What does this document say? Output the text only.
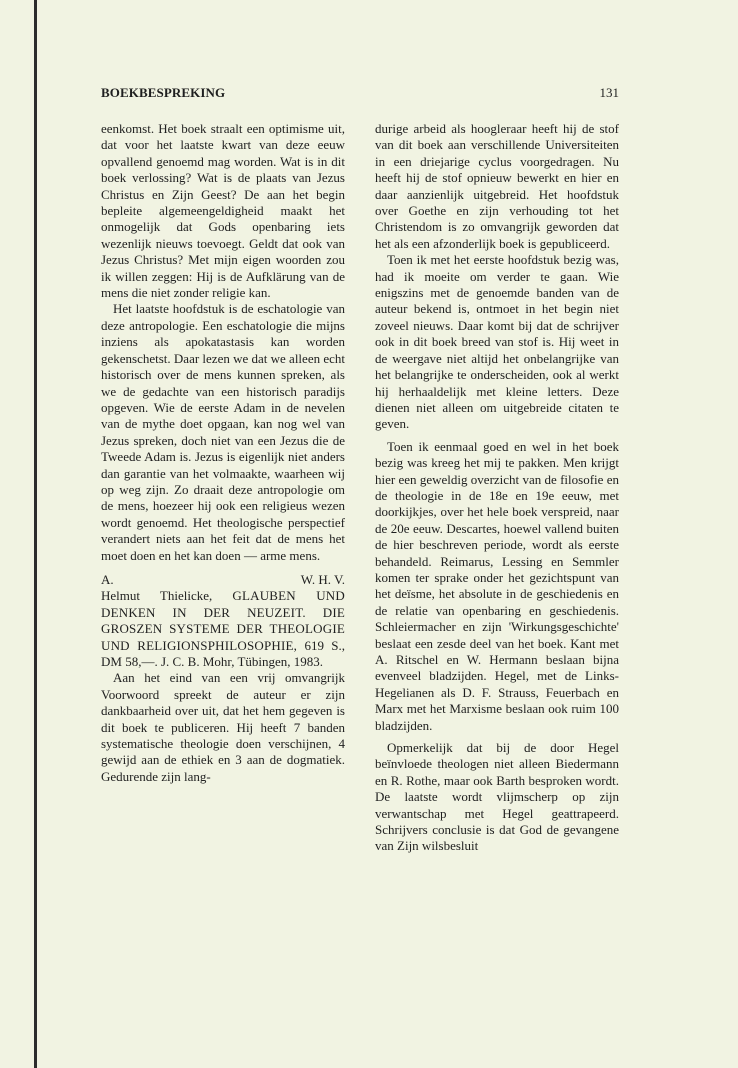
BOEKBESPREKING	131

eenkomst. Het boek straalt een optimisme uit, dat voor het laatste kwart van deze eeuw opvallend genoemd mag worden. Wat is in dit boek verlossing? Wat is de plaats van Jezus Christus en Zijn Geest? De aan het begin bepleite algemeengeldigheid maakt het onmogelijk dat Gods openbaring iets wezenlijk nieuws toevoegt. Geldt dat ook van Jezus Christus? Met mijn eigen woorden zou ik willen zeggen: Hij is de Aufklärung van de mens die niet zonder religie kan.

Het laatste hoofdstuk is de eschatologie van deze antropologie. Een eschatologie die mijns inziens als apokatastasis kan worden gekenschetst. Daar lezen we dat we alleen echt historisch over de mens kunnen spreken, als we de gedachte van een historisch paradijs opgeven. Wie de eerste Adam in de nevelen van de mythe doet opgaan, kan nog wel van Jezus spreken, doch niet van een Jezus die de Tweede Adam is. Jezus is eigenlijk niet anders dan garantie van het volmaakte, waarheen wij op weg zijn. Zo draait deze antropologie om de mens, hoezeer hij ook een religieus wezen wordt genoemd. Het theologische perspectief verandert niets aan het feit dat de mens het moet doen en het kan doen — arme mens.

A.	W. H. V.

Helmut Thielicke, GLAUBEN UND DENKEN IN DER NEUZEIT. DIE GROSZEN SYSTEME DER THEOLOGIE UND RELIGIONSPHILOSOPHIE, 619 S., DM 58,—. J. C. B. Mohr, Tübingen, 1983.

Aan het eind van een vrij omvangrijk Voorwoord spreekt de auteur er zijn dankbaarheid over uit, dat het hem gegeven is dit boek te publiceren. Hij heeft 7 banden systematische theologie doen verschijnen, 4 gewijd aan de ethiek en 3 aan de dogmatiek. Gedurende zijn lang-

durige arbeid als hoogleraar heeft hij de stof van dit boek aan verschillende Universiteiten in een driejarige cyclus voorgedragen. Nu heeft hij de stof opnieuw bewerkt en hier en daar aanzienlijk uitgebreid. Het hoofdstuk over Goethe en zijn verhouding tot het Christendom is zo omvangrijk geworden dat het als een afzonderlijk boek is gepubliceerd.

Toen ik met het eerste hoofdstuk bezig was, had ik moeite om verder te gaan. Wie enigszins met de genoemde banden van de auteur bekend is, ontmoet in het begin niet zoveel nieuws. Daar komt bij dat de schrijver ook in dit boek breed van stof is. Hij weet in de weergave niet altijd het onbelangrijke van het belangrijke te onderscheiden, ook al werkt hij herhaaldelijk met kleine letters. Deze dienen niet alleen om uitgebreide citaten te geven.

Toen ik eenmaal goed en wel in het boek bezig was kreeg het mij te pakken. Men krijgt hier een geweldig overzicht van de filosofie en de theologie in de 18e en 19e eeuw, met doorkijkjes, over het hele boek verspreid, naar de 20e eeuw. Descartes, hoewel vallend buiten de hier beschreven periode, wordt als eerste behandeld. Reimarus, Lessing en Semmler komen ter sprake onder het gezichtspunt van het deïsme, het absolute in de geschiedenis en de relatie van openbaring en geschiedenis. Schleiermacher en zijn 'Wirkungsgeschichte' beslaat een zesde deel van het boek. Kant met A. Ritschel en W. Hermann beslaan bijna evenveel bladzijden. Hegel, met de Links-Hegelianen als D. F. Strauss, Feuerbach en Marx met het Marxisme beslaan ook ruim 100 bladzijden.

Opmerkelijk dat bij de door Hegel beïnvloede theologen niet alleen Biedermann en R. Rothe, maar ook Barth besproken wordt. De laatste wordt vlijmscherp op zijn verwantschap met Hegel geattrapeerd. Schrijvers conclusie is dat God de gevangene van Zijn wilsbesluit
